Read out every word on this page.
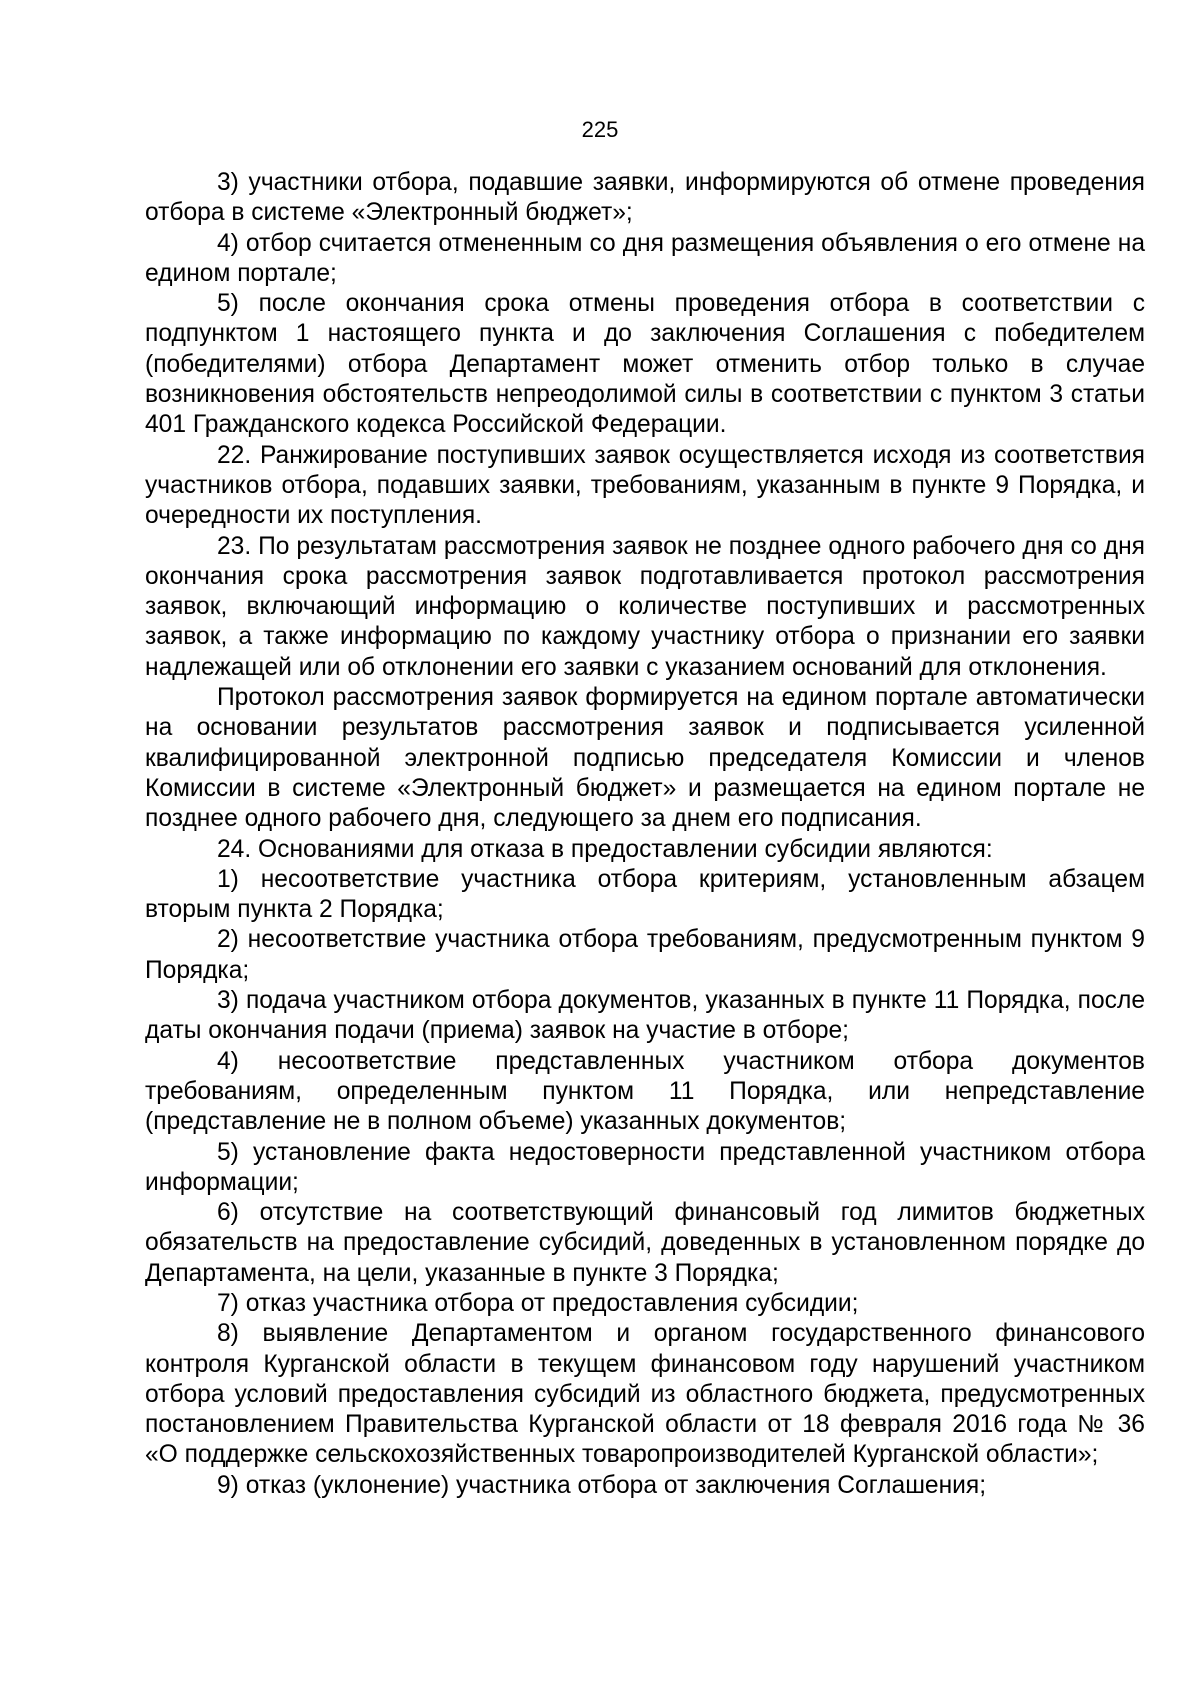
225

3) участники отбора, подавшие заявки, информируются об отмене проведения отбора в системе «Электронный бюджет»;

4) отбор считается отмененным со дня размещения объявления о его отмене на едином портале;

5) после окончания срока отмены проведения отбора в соответствии с подпунктом 1 настоящего пункта и до заключения Соглашения с победителем (победителями) отбора Департамент может отменить отбор только в случае возникновения обстоятельств непреодолимой силы в соответствии с пунктом 3 статьи 401 Гражданского кодекса Российской Федерации.

22. Ранжирование поступивших заявок осуществляется исходя из соответствия участников отбора, подавших заявки, требованиям, указанным в пункте 9 Порядка, и очередности их поступления.

23. По результатам рассмотрения заявок не позднее одного рабочего дня со дня окончания срока рассмотрения заявок подготавливается протокол рассмотрения заявок, включающий информацию о количестве поступивших и рассмотренных заявок, а также информацию по каждому участнику отбора о признании его заявки надлежащей или об отклонении его заявки с указанием оснований для отклонения.

Протокол рассмотрения заявок формируется на едином портале автоматически на основании результатов рассмотрения заявок и подписывается усиленной квалифицированной электронной подписью председателя Комиссии и членов Комиссии в системе «Электронный бюджет» и размещается на едином портале не позднее одного рабочего дня, следующего за днем его подписания.

24. Основаниями для отказа в предоставлении субсидии являются:

1) несоответствие участника отбора критериям, установленным абзацем вторым пункта 2 Порядка;

2) несоответствие участника отбора требованиям, предусмотренным пунктом 9 Порядка;

3) подача участником отбора документов, указанных в пункте 11 Порядка, после даты окончания подачи (приема) заявок на участие в отборе;

4) несоответствие представленных участником отбора документов требованиям, определенным пунктом 11 Порядка, или непредставление (представление не в полном объеме) указанных документов;

5) установление факта недостоверности представленной участником отбора информации;

6) отсутствие на соответствующий финансовый год лимитов бюджетных обязательств на предоставление субсидий, доведенных в установленном порядке до Департамента, на цели, указанные в пункте 3 Порядка;

7) отказ участника отбора от предоставления субсидии;

8) выявление Департаментом и органом государственного финансового контроля Курганской области в текущем финансовом году нарушений участником отбора условий предоставления субсидий из областного бюджета, предусмотренных постановлением Правительства Курганской области от 18 февраля 2016 года № 36 «О поддержке сельскохозяйственных товаропроизводителей Курганской области»;

9) отказ (уклонение) участника отбора от заключения Соглашения;
